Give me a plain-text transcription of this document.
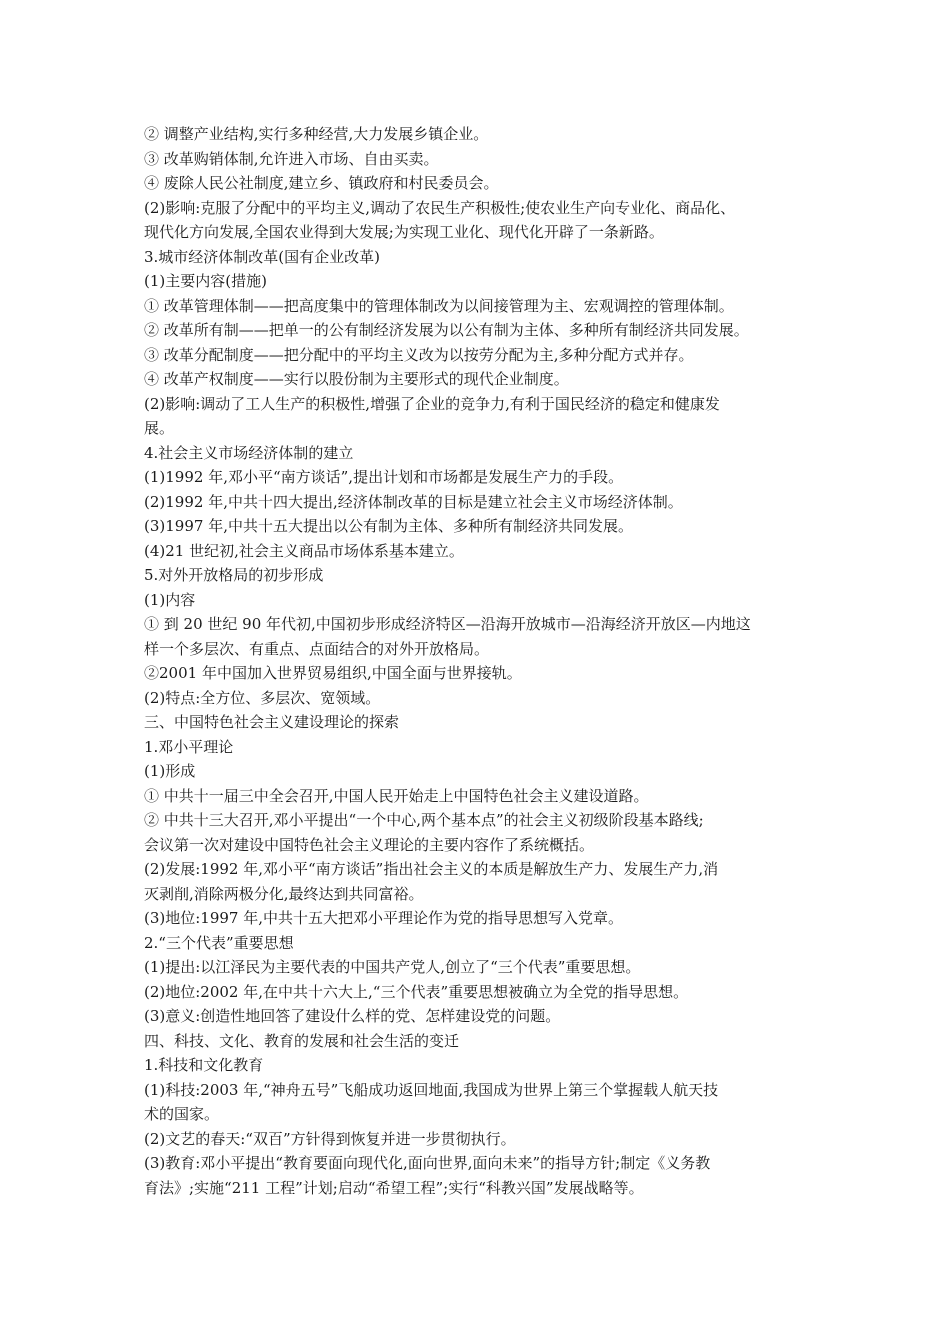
② 调整产业结构,实行多种经营,大力发展乡镇企业。
③ 改革购销体制,允许进入市场、自由买卖。
④ 废除人民公社制度,建立乡、镇政府和村民委员会。
(2)影响:克服了分配中的平均主义,调动了农民生产积极性;使农业生产向专业化、商品化、
现代化方向发展,全国农业得到大发展;为实现工业化、现代化开辟了一条新路。
3.城市经济体制改革(国有企业改革)
(1)主要内容(措施)
① 改革管理体制——把高度集中的管理体制改为以间接管理为主、宏观调控的管理体制。
② 改革所有制——把单一的公有制经济发展为以公有制为主体、多种所有制经济共同发展。
③ 改革分配制度——把分配中的平均主义改为以按劳分配为主,多种分配方式并存。
④ 改革产权制度——实行以股份制为主要形式的现代企业制度。
(2)影响:调动了工人生产的积极性,增强了企业的竞争力,有利于国民经济的稳定和健康发
展。
4.社会主义市场经济体制的建立
(1)1992 年,邓小平“南方谈话”,提出计划和市场都是发展生产力的手段。
(2)1992 年,中共十四大提出,经济体制改革的目标是建立社会主义市场经济体制。
(3)1997 年,中共十五大提出以公有制为主体、多种所有制经济共同发展。
(4)21 世纪初,社会主义商品市场体系基本建立。
5.对外开放格局的初步形成
(1)内容
① 到 20 世纪 90 年代初,中国初步形成经济特区—沿海开放城市—沿海经济开放区—内地这
样一个多层次、有重点、点面结合的对外开放格局。
②2001 年中国加入世界贸易组织,中国全面与世界接轨。
(2)特点:全方位、多层次、宽领域。
三、中国特色社会主义建设理论的探索
1.邓小平理论
(1)形成
① 中共十一届三中全会召开,中国人民开始走上中国特色社会主义建设道路。
② 中共十三大召开,邓小平提出“一个中心,两个基本点”的社会主义初级阶段基本路线;
会议第一次对建设中国特色社会主义理论的主要内容作了系统概括。
(2)发展:1992 年,邓小平“南方谈话”指出社会主义的本质是解放生产力、发展生产力,消
灭剥削,消除两极分化,最终达到共同富裕。
(3)地位:1997 年,中共十五大把邓小平理论作为党的指导思想写入党章。
2.“三个代表”重要思想
(1)提出:以江泽民为主要代表的中国共产党人,创立了“三个代表”重要思想。
(2)地位:2002 年,在中共十六大上,“三个代表”重要思想被确立为全党的指导思想。
(3)意义:创造性地回答了建设什么样的党、怎样建设党的问题。
四、科技、文化、教育的发展和社会生活的变迁
1.科技和文化教育
(1)科技:2003 年,“神舟五号”飞船成功返回地面,我国成为世界上第三个掌握载人航天技
术的国家。
(2)文艺的春天:“双百”方针得到恢复并进一步贯彻执行。
(3)教育:邓小平提出“教育要面向现代化,面向世界,面向未来”的指导方针;制定《义务教
育法》;实施“211 工程”计划;启动“希望工程”;实行“科教兴国”发展战略等。
